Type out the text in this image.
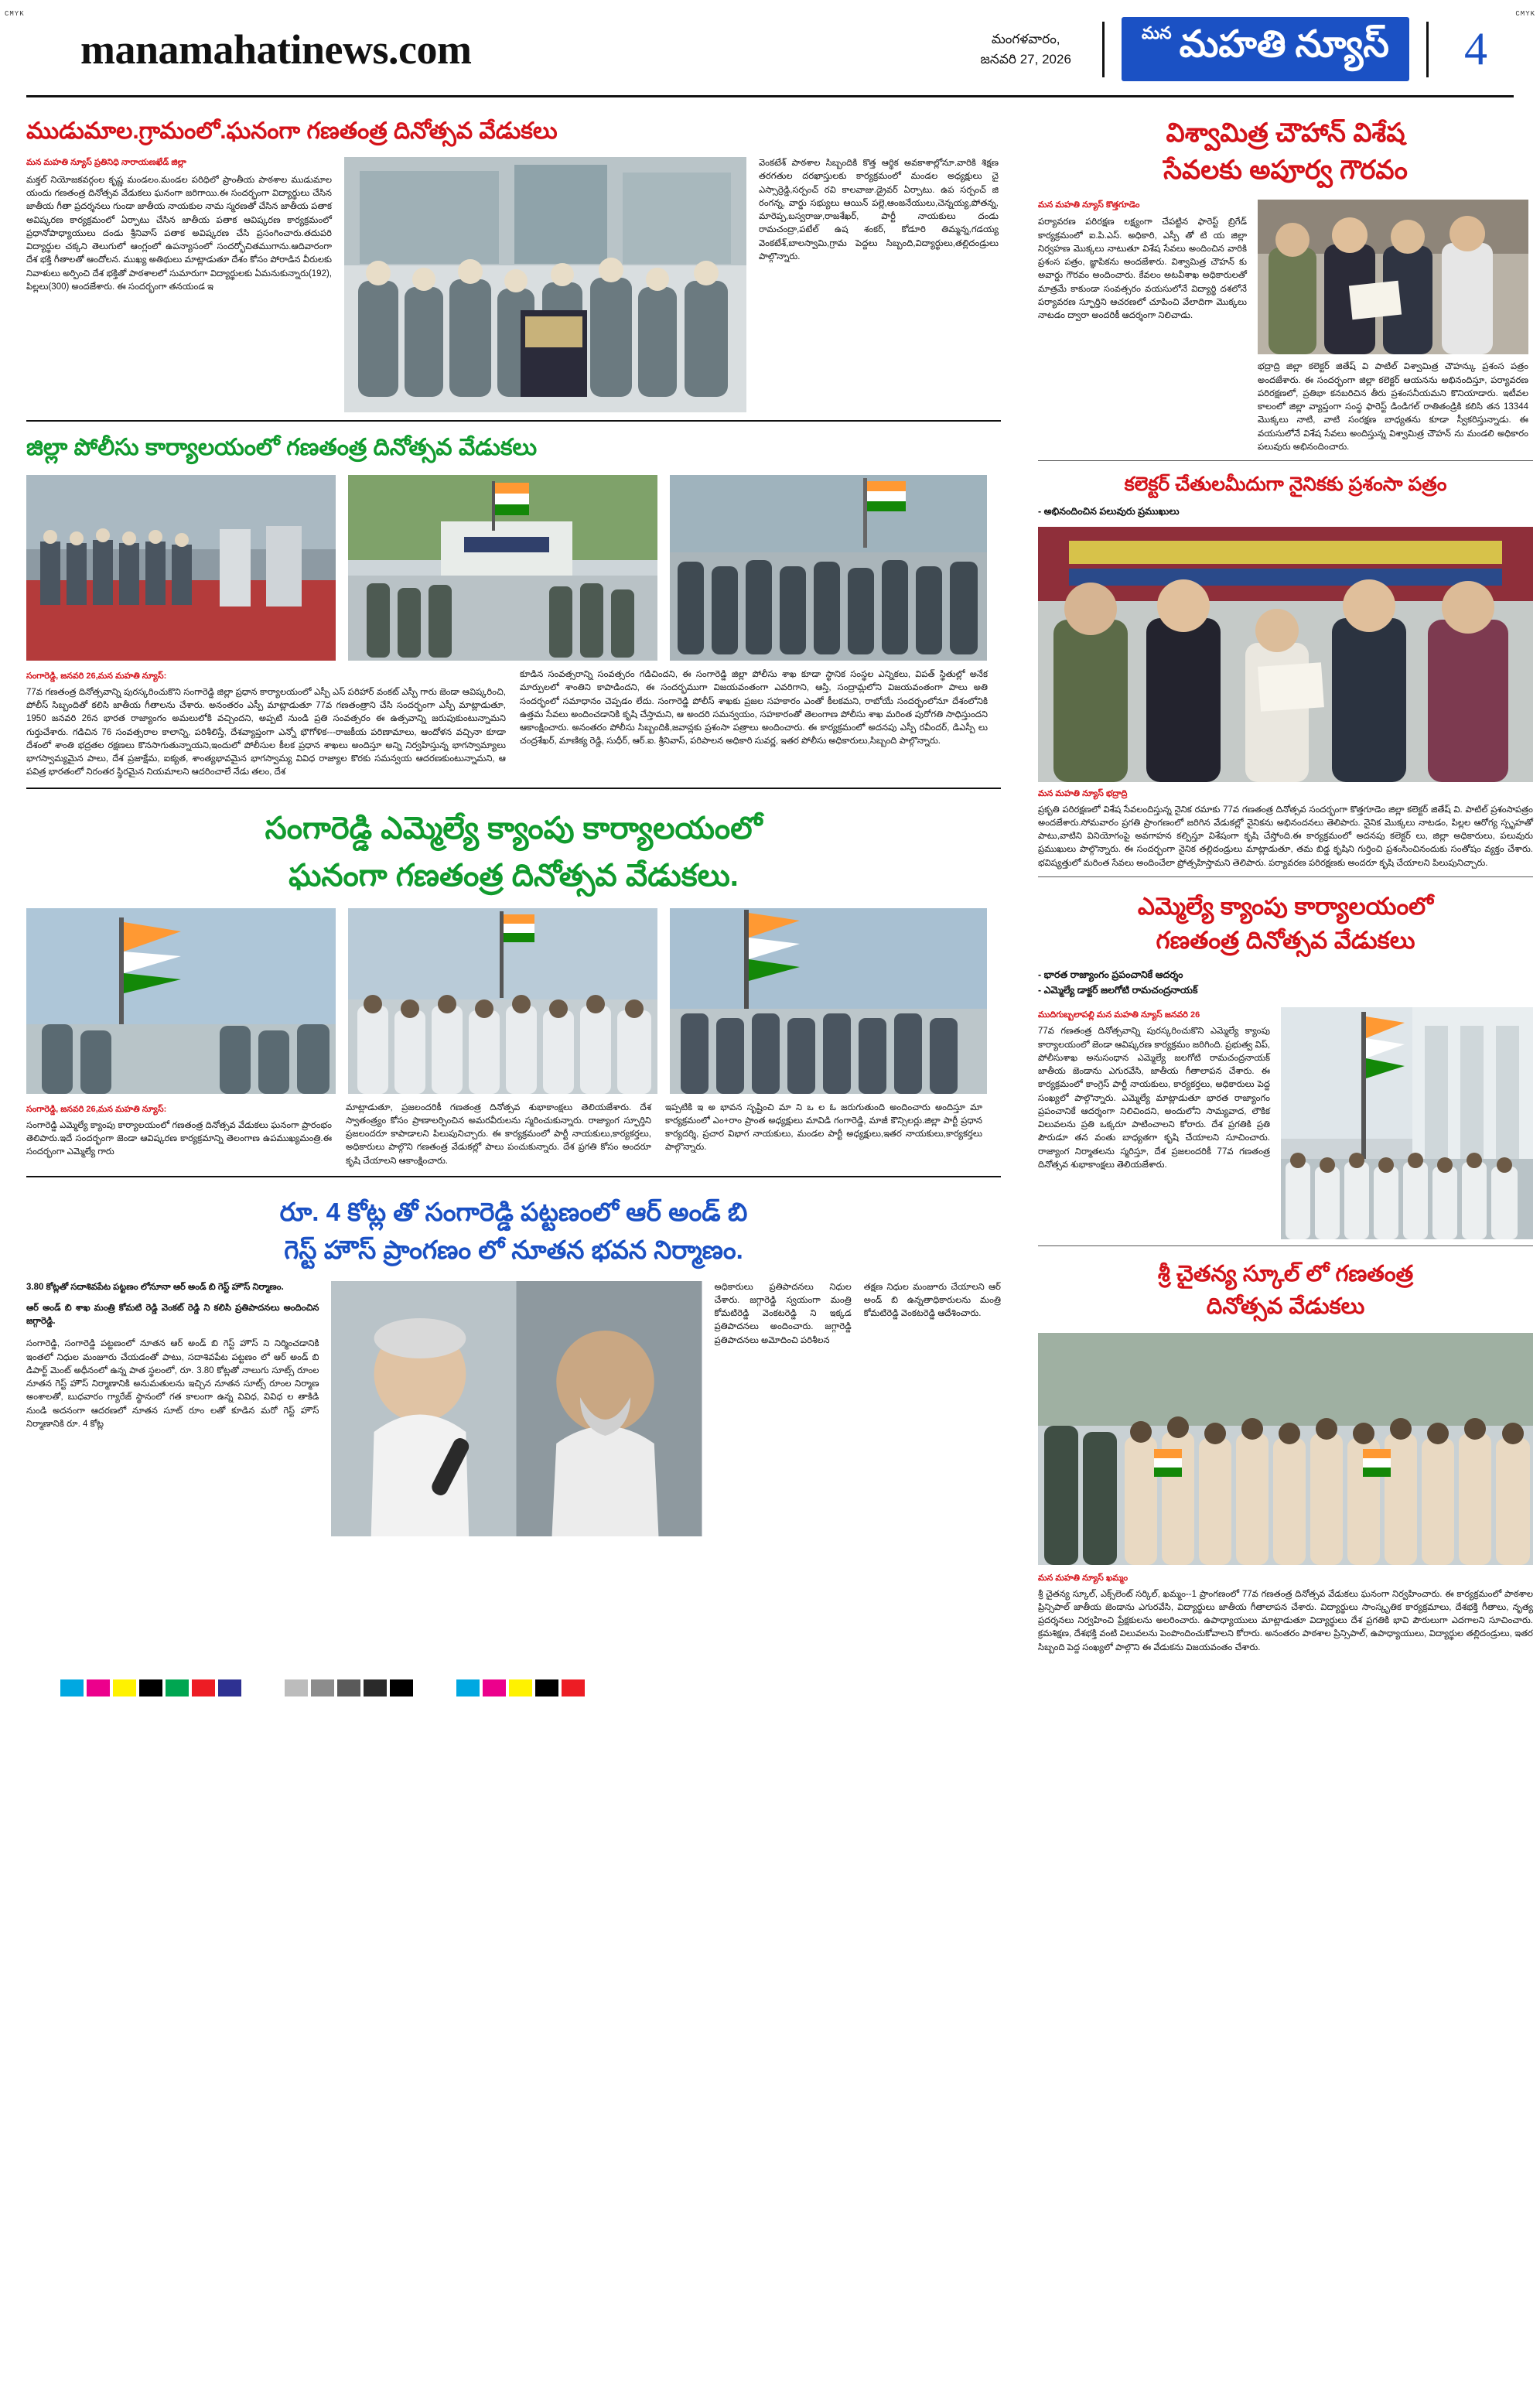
CMYK	CMYK
manamahatinews.com	మంగళవారం,
జనవరి 27, 2026
మన మహతి న్యూస్	4
ముడుమాల.గ్రామంలో.ఘనంగా గణతంత్ర దినోత్సవ వేడుకలు
మన మహతి న్యూస్ ప్రతినిధి నారాయణఖేడ్ జిల్లా
మక్తల్ నియోజకవర్గంల కృష్ణ మండలం.మండల పరిధిలో ప్రాంతీయ పాఠశాల ముడుమాల యందు గణతంత్ర దినోత్సవ వేడుకలు ఘనంగా జరిగాయి.ఈ సందర్భంగా విద్యార్థులు చేసిన జాతీయ గీతా ప్రదర్శనలు గుండా జాతీయ నాయకుల నామ స్మరణతో చేసిన జాతీయ పతాక అవిష్కరణ కార్యక్రమంలో ఏర్పాటు చేసిన జాతీయ పతాక ఆవిష్కరణ కార్యక్రమంలో ప్రధానోపాధ్యాయులు దండు శ్రీనివాస్ పతాక అవిష్కరణ చేసి ప్రసంగించారు.తదుపరి విద్యార్థుల చక్కని తెలుగులో ఆంగ్లంలో ఉపన్యాసంలో సందర్భోచితముగాను.ఆదివారంగా దేశ భక్తి గీతాలతో ఆందోలన. ముఖ్య అతిథులు మాట్లాడుతూ దేశం కోసం పోరాడిన వీరులకు నివాళులు అర్పించి దేశ భక్తితో పాఠశాలలో సుమారుగా విద్యార్థులకు ఏమనుకున్నారు(192), పిల్లలు(300) అందజేశారు. ఈ సందర్భంగా తనయండ ఇ
వెంకటేశ్ పాఠశాల సిబ్బందికి కొత్త ఆర్థిక అవకాశాల్లోనూ.వారికి శిక్షణ తరగతుల దరఖాస్తులకు కార్యక్రమంలో మండల అధ్యక్షులు చై ఎస్సార్రెడ్డి,సర్పంచ్ రవి కాలవాజు.డ్రైవర్ ఏర్పాటు. ఉప సర్పంచ్ జి రంగన్న, వార్డు సభ్యులు ఆయిన్ పల్లె,ఆంజనేయులు,చెన్నయ్య,పోతన్న, మారెప్ప,బస్వరాజు,రాజశేఖర్, పార్టీ నాయకులు దండు రామచంద్రా,పటేల్ ఉష శంకర్, కోడూరి తిమ్మన్న,గడయ్య వెంకటేశ్,బాలస్వామి,గ్రామ పెద్దలు సిబ్బంది,విద్యార్థులు,తల్లిదండ్రులు పాల్గొన్నారు.
జిల్లా పోలీసు కార్యాలయంలో గణతంత్ర దినోత్సవ వేడుకలు
సంగారెడ్డి, జనవరి 26,మన మహతి న్యూస్:
77వ గణతంత్ర దినోత్సవాన్ని పురస్కరించుకొని సంగారెడ్డి జిల్లా ప్రధాన కార్యాలయంలో ఎస్పీ ఎస్ పరిహార్ వంకట్ ఎస్పీ గారు జెండా ఆవిష్కరించి, పోలీస్ సిబ్బందితో కలిసి జాతీయ గీతాలను చేశారు. అనంతరం ఎస్పీ మాట్లాడుతూ 77వ గణతంత్రాని చేసి సందర్భంగా ఎస్పీ మాట్లాడుతూ, 1950 జనవరి 26న భారత రాజ్యాంగం అమలులోకి వచ్చిందని, అప్పటి నుండి ప్రతి సంవత్సరం ఈ ఉత్సవాన్ని జరుపుకుంటున్నామని గుర్తుచేశారు. గడిచిన 76 సంవత్సరాల కాలాన్ని, పరిశీలిస్తే, దేశవ్యాప్తంగా ఎన్నో భౌగోళిక---రాజకీయ పరిణామాలు, ఆందోళన వచ్చినా కూడా దేశంలో శాంతి భద్రతల రక్షణలు కొనసాగుతున్నాయని,ఇందులో పోలీసుల కీలక ప్రధాన శాఖలు అందిస్తూ అన్ని నిర్వహిస్తున్న భాగస్వామ్యాలు భాగస్వామ్యమైన పాలు, దేశ ప్రజాక్షేమ, ఐక్యత, శాంత్యభావమైన భాగస్వామ్య వివిధ రాజ్యాల కొరకు సమన్వయ ఆదరణకుంటున్నామని, ఆ పవిత్ర భారతంలో నిరంతర స్థిరమైన నియమాలని ఆదరించాలే నేడు తలం, దేశ
కూడిన సంవత్సరాన్ని సంవత్సరం గడిచిందని, ఈ సంగారెడ్డి జిల్లా పోలీసు శాఖ కూడా స్థానిక సంస్థల ఎన్నికలు, విపత్ స్థితుల్లో అనేక మార్పులలో శాంతిని కాపాడిందని, ఈ సందర్భముగా విజయవంతంగా ఎవరిగాని, ఆస్తి, సంద్రామ్లలోని విజయవంతంగా పాలు అతి సందర్భంలో సమాధానం చెప్పడం లేదు. సంగారెడ్డి పోలీస్ శాఖకు ప్రజల సహకారం ఎంతో కీలకమని, రాబోయే సందర్భంలోనూ దేశంలోనికి ఉత్తమ సేవలు అందించడానికి కృషి చేస్తామని, ఆ అందరి సమన్వయం, సహకారంతో తెలంగాణ పోలీసు శాఖ మరింత పురోగతి సాధిస్తుందని ఆకాంక్షించారు. అనంతరం పోలీసు సిబ్బందికి,జవాన్లకు ప్రశంసా పత్రాలు అందించారు. ఈ కార్యక్రమంలో అదనపు ఎస్పీ రవీందర్, డిఎస్పీ లు చంద్రశేఖర్, మాణిక్య రెడ్డి, సుధీర్, ఆర్.ఐ. శ్రీనివాస్, పరిపాలన అధికారి సువర్ణ, ఇతర పోలీసు అధికారులు,సిబ్బంది పాల్గొన్నారు.
సంగారెడ్డి ఎమ్మెల్యే క్యాంపు కార్యాలయంలో
ఘనంగా గణతంత్ర దినోత్సవ వేడుకలు.
సంగారెడ్డి, జనవరి 26,మన మహతి న్యూస్:
సంగారెడ్డి ఎమ్మెల్యే క్యాంపు కార్యాలయంలో గణతంత్ర దినోత్సవ వేడుకలు ఘనంగా ప్రారంభం తెలిపారు.ఇదే సందర్భంగా జెండా ఆవిష్కరణ కార్యక్రమాన్ని తెలంగాణ ఉపముఖ్యమంత్రి.ఈ సందర్భంగా ఎమ్మెల్యే గారు
మాట్లాడుతూ, ప్రజలందరికీ గణతంత్ర దినోత్సవ శుభాకాంక్షలు తెలియజేశారు. దేశ స్వాతంత్ర్యం కోసం ప్రాణాలర్పించిన అమరవీరులను స్మరించుకున్నారు. రాజ్యాంగ స్ఫూర్తిని ప్రజలందరూ కాపాడాలని పిలుపునిచ్చారు. ఈ కార్యక్రమంలో పార్టీ నాయకులు,కార్యకర్తలు, అధికారులు పాల్గొని గణతంత్ర వేడుకల్లో పాలు పంచుకున్నారు. దేశ ప్రగతి కోసం అందరూ కృషి చేయాలని ఆకాంక్షించారు.
ఇప్పటికి ఇ అ భావన సృష్టించి మా ని ఒ ల ఓ జరుగుతుంది అందించారు అందిస్తూ మా కార్యక్రమంలో ఎం+రాం ప్రాంత అధ్యక్షులు మావిడి గంగారెడ్డి, మాజీ కౌన్సిలర్లు.జిల్లా పార్టీ ప్రధాన కార్యదర్శి, ప్రచార విభాగ నాయకులు, మండల పార్టీ అధ్యక్షులు,ఇతర నాయకులు,కార్యకర్తలు పాల్గొన్నారు.
రూ. 4 కోట్ల తో సంగారెడ్డి పట్టణంలో ఆర్ అండ్ బి
గెస్ట్ హౌస్ ప్రాంగణం లో నూతన భవన నిర్మాణం.
3.80 కోట్లతో సదాశివపేట పట్టణం లోనూనా ఆర్ అండ్ బి గెస్ట్ హౌస్ నిర్మాణం.
ఆర్ అండ్ బి శాఖ మంత్రి కోమటి రెడ్డి వెంకట్ రెడ్డి ని కలిసి ప్రతిపాదనలు అందించిన జగ్గారెడ్డి.
సంగారెడ్డి, సంగారెడ్డి పట్టణంలో నూతన ఆర్ అండ్ బి గెస్ట్ హౌస్ ని నిర్మించడానికి ఇంతలో నిధుల మంజూరు చేయడంతో పాటు, సదాశివపేట పట్టణం లో ఆర్ అండ్ బి డిపార్ట్ మెంట్ అధీనంలో ఉన్న పాత స్థలంలో, రూ. 3.80 కోట్లతో నాలుగు సూట్స్ రూంల నూతన గెస్ట్ హౌస్ నిర్మాణానికి అనుమతులను ఇచ్చిన నూతన సూట్స్ రూంల నిర్మాణ అంశాలతో, బుధవారం గ్యారేజ్ స్థానంలో గత కాలంగా ఉన్న వివిధ, వివిధ ల తాకిడి నుండి అదనంగా ఆదరణలో నూతన సూట్ రూం లతో కూడిన మరో గెస్ట్ హౌస్ నిర్మాణానికి రూ. 4 కోట్ల
అధికారులు ప్రతిపాదనలు నిధుల చేశారు. జగ్గారెడ్డి స్వయంగా మంత్రి కోమటిరెడ్డి వెంకటరెడ్డి ని ఇక్కడ ప్రతిపాదనలు అందించారు. జగ్గారెడ్డి ప్రతిపాదనలు అమోదించి పరిశీలన
తక్షణ నిధుల మంజూరు చేయాలని ఆర్ అండ్ బి ఉన్నతాధికారులను మంత్రి కోమటిరెడ్డి వెంకటరెడ్డి ఆదేశించారు.
విశ్వామిత్ర చౌహాన్ విశేష
సేవలకు అపూర్వ గౌరవం
మన మహతి న్యూస్ కొత్తగూడెం
పర్యావరణ పరిరక్షణ లక్ష్యంగా చేపట్టిన ఫారెస్ట్ బ్రిగేడ్ కార్యక్రమంలో ఐ.పి.ఎస్. అధికారి, ఎస్పీ తో టి య జిల్లా నిర్వహణ మొక్కలు నాటుతూ విశేష సేవలు అందించిన వారికి ప్రశంస పత్రం, జ్ఞాపికను అందజేశారు. విశ్వామిత్ర చౌహన్ కు అవార్డు గౌరవం అందించారు. కేవలం అటవీశాఖ అధికారులతో మాత్రమే కాకుండా సంవత్సరం వయసులోనే విద్యార్థి దశలోనే పర్యావరణ స్ఫూర్తిని ఆచరణలో చూపించి వేలాదిగా మొక్కలు నాటడం ద్వారా అందరికీ ఆదర్శంగా నిలిచాడు.
భద్రాద్రి జిల్లా కలెక్టర్ జితేష్ వి పాటిల్ విశ్వామిత్ర చౌహన్కు ప్రశంస పత్రం అందజేశారు. ఈ సందర్భంగా జిల్లా కలెక్టర్ ఆయనను అభినందిస్తూ, పర్యావరణ పరిరక్షణలో, ప్రతిభా కనబరిచిన తీరు ప్రశంసనీయమని కొనియాడారు. ఇటీవల కాలంలో జిల్లా వ్యాప్తంగా సంస్థ ఫారెస్ట్ డిండిగల్ రాతితండ్రికి కలిసి తన 13344 మొక్కలు నాటి, వాటి సంరక్షణ బాధ్యతను కూడా స్వీకరిస్తున్నాడు. ఈ వయసులోనే విశేష సేవలు అందిస్తున్న విశ్వామిత్ర చౌహన్ ను మండలి అధికారం పలువురు అభినందించారు.
కలెక్టర్ చేతులమీదుగా నైనికకు ప్రశంసా పత్రం
- అభినందించిన పలువురు ప్రముఖులు
మన మహతి న్యూస్ భద్రాద్రి
ప్రకృతి పరిరక్షణలో విశేష సేవలందిస్తున్న నైనిక రమాకు 77వ గణతంత్ర దినోత్సవ సందర్భంగా కొత్తగూడెం జిల్లా కలెక్టర్ జితేష్ వి. పాటిల్ ప్రశంసాపత్రం అందజేశారు.సోమవారం ప్రగతి ప్రాంగణంలో జరిగిన వేడుకల్లో నైనికను అభినందనలు తెలిపారు. నైనిక మొక్కలు నాటడం, పిల్లల ఆరోగ్య స్పృహతో పాటు,వాటిని వినియోగంపై అవగాహన కల్పిస్తూ విశేషంగా కృషి చేస్తోంది.ఈ కార్యక్రమంలో అదనపు కలెక్టర్ లు, జిల్లా అధికారులు, పలువురు ప్రముఖులు పాల్గొన్నారు. ఈ సందర్భంగా నైనిక తల్లిదండ్రులు మాట్లాడుతూ, తమ బిడ్డ కృషిని గుర్తించి ప్రశంసించినందుకు సంతోషం వ్యక్తం చేశారు. భవిష్యత్తులో మరింత సేవలు అందించేలా ప్రోత్సహిస్తామని తెలిపారు. పర్యావరణ పరిరక్షణకు అందరూ కృషి చేయాలని పిలుపునిచ్చారు.
ఎమ్మెల్యే క్యాంపు కార్యాలయంలో
గణతంత్ర దినోత్సవ వేడుకలు
- భారత రాజ్యాంగం ప్రపంచానికే ఆదర్శం
- ఎమ్మెల్యే డాక్టర్ జలగోటి రామచంద్రనాయక్
ముదిగుబ్బలాపల్లి మన మహతి న్యూస్ జనవరి 26
77వ గణతంత్ర దినోత్సవాన్ని పురస్కరించుకొని ఎమ్మెల్యే క్యాంపు కార్యాలయంలో జెండా ఆవిష్కరణ కార్యక్రమం జరిగింది. ప్రభుత్వ విప్, పోలీసుశాఖ అనుసంధాన ఎమ్మెల్యే జలగోటి రామచంద్రనాయక్ జాతీయ జెండాను ఎగురవేసి, జాతీయ గీతాలాపన చేశారు. ఈ కార్యక్రమంలో కాంగ్రెస్ పార్టీ నాయకులు, కార్యకర్తలు, అధికారులు పెద్ద సంఖ్యలో పాల్గొన్నారు. ఎమ్మెల్యే మాట్లాడుతూ భారత రాజ్యాంగం ప్రపంచానికే ఆదర్శంగా నిలిచిందని, అందులోని సామ్యవాద, లౌకిక విలువలను ప్రతి ఒక్కరూ పాటించాలని కోరారు. దేశ ప్రగతికి ప్రతి పౌరుడూ తన వంతు బాధ్యతగా కృషి చేయాలని సూచించారు. రాజ్యాంగ నిర్మాతలను స్మరిస్తూ, దేశ ప్రజలందరికీ 77వ గణతంత్ర దినోత్సవ శుభాకాంక్షలు తెలియజేశారు.
శ్రీ చైతన్య స్కూల్ లో గణతంత్ర
దినోత్సవ వేడుకలు
మన మహతి న్యూస్ ఖమ్మం
శ్రీ చైతన్య స్కూల్, ఎక్స్‌లెంట్ సర్కిల్, ఖమ్మం--1 ప్రాంగణంలో 77వ గణతంత్ర దినోత్సవ వేడుకలు ఘనంగా నిర్వహించారు. ఈ కార్యక్రమంలో పాఠశాల ప్రిన్సిపాల్ జాతీయ జెండాను ఎగురవేసి, విద్యార్థులు జాతీయ గీతాలాపన చేశారు. విద్యార్థులు సాంస్కృతిక కార్యక్రమాలు, దేశభక్తి గీతాలు, నృత్య ప్రదర్శనలు నిర్వహించి ప్రేక్షకులను అలరించారు. ఉపాధ్యాయులు మాట్లాడుతూ విద్యార్థులు దేశ ప్రగతికి భావి పౌరులుగా ఎదగాలని సూచించారు. క్రమశిక్షణ, దేశభక్తి వంటి విలువలను పెంపొందించుకోవాలని కోరారు. అనంతరం పాఠశాల ప్రిన్సిపాల్, ఉపాధ్యాయులు, విద్యార్థుల తల్లిదండ్రులు, ఇతర సిబ్బంది పెద్ద సంఖ్యలో పాల్గొని ఈ వేడుకను విజయవంతం చేశారు.
